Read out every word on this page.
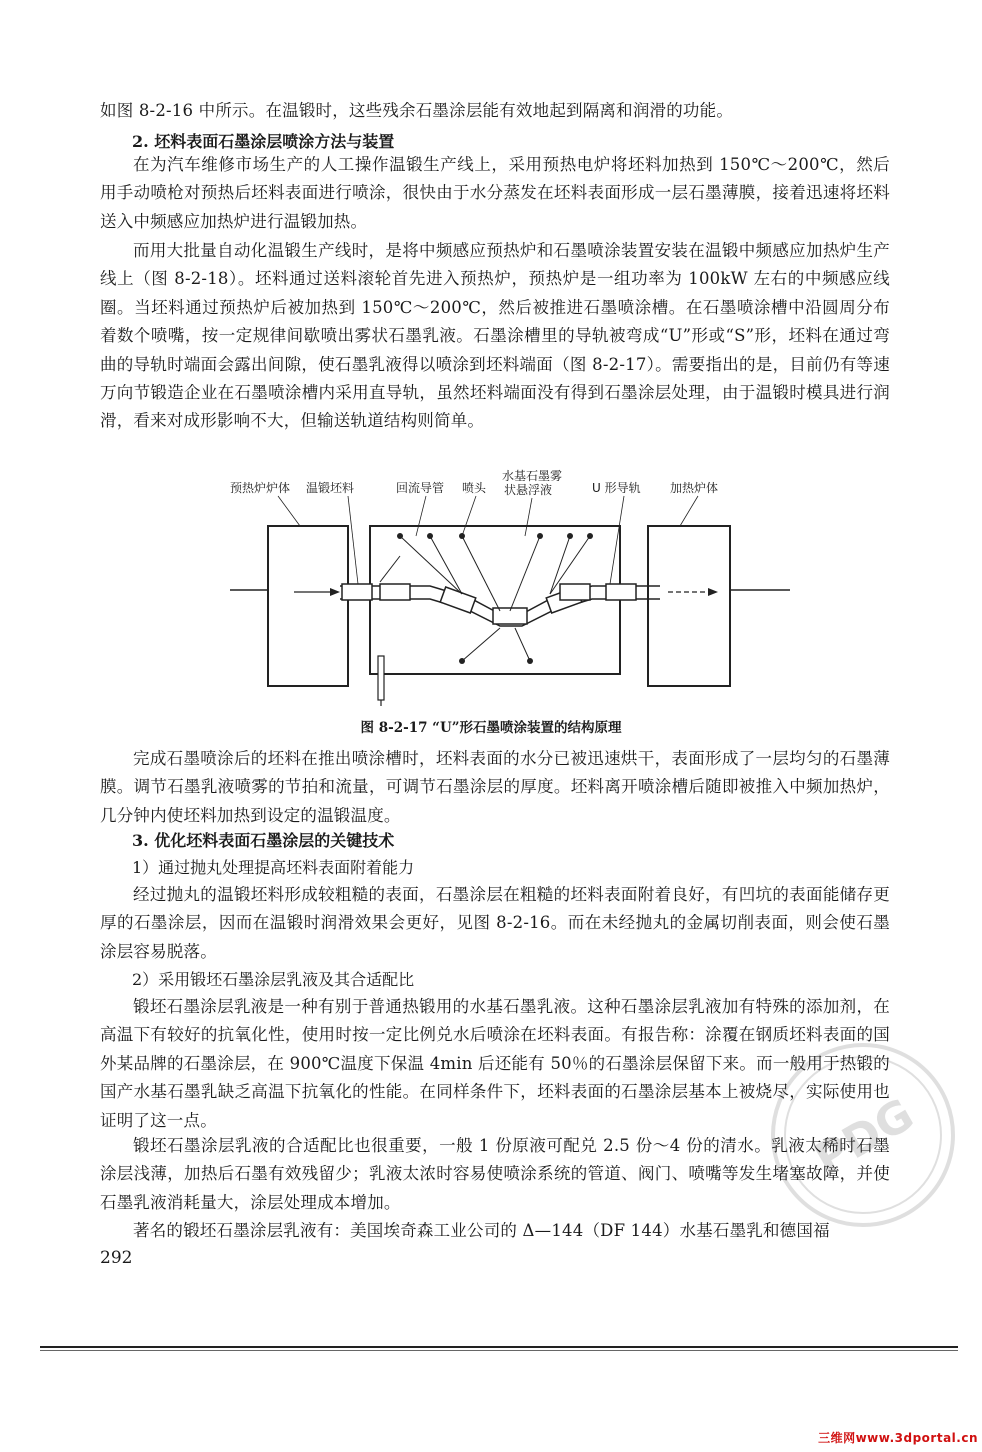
如图 8-2-16 中所示。在温锻时，这些残余石墨涂层能有效地起到隔离和润滑的功能。
2. 坯料表面石墨涂层喷涂方法与装置
在为汽车维修市场生产的人工操作温锻生产线上，采用预热电炉将坯料加热到 150℃～200℃，然后用手动喷枪对预热后坯料表面进行喷涂，很快由于水分蒸发在坯料表面形成一层石墨薄膜，接着迅速将坯料送入中频感应加热炉进行温锻加热。
而用大批量自动化温锻生产线时，是将中频感应预热炉和石墨喷涂装置安装在温锻中频感应加热炉生产线上（图 8-2-18）。坯料通过送料滚轮首先进入预热炉，预热炉是一组功率为 100kW 左右的中频感应线圈。当坯料通过预热炉后被加热到 150℃～200℃，然后被推进石墨喷涂槽。在石墨喷涂槽中沿圆周分布着数个喷嘴，按一定规律间歇喷出雾状石墨乳液。石墨涂槽里的导轨被弯成“U”形或“S”形，坯料在通过弯曲的导轨时端面会露出间隙，使石墨乳液得以喷涂到坯料端面（图 8-2-17）。需要指出的是，目前仍有等速万向节锻造企业在石墨喷涂槽内采用直导轨，虽然坯料端面没有得到石墨涂层处理，由于温锻时模具进行润滑，看来对成形影响不大，但输送轨道结构则简单。
预热炉炉体 温锻坯料	回流导管 喷头
水基石墨雾
状悬浮液	U 形导轨 加热炉体
图 8-2-17 “U”形石墨喷涂装置的结构原理
完成石墨喷涂后的坯料在推出喷涂槽时，坯料表面的水分已被迅速烘干，表面形成了一层均匀的石墨薄膜。调节石墨乳液喷雾的节拍和流量，可调节石墨涂层的厚度。坯料离开喷涂槽后随即被推入中频加热炉，几分钟内使坯料加热到设定的温锻温度。
3. 优化坯料表面石墨涂层的关键技术
1）通过抛丸处理提高坯料表面附着能力
经过抛丸的温锻坯料形成较粗糙的表面，石墨涂层在粗糙的坯料表面附着良好，有凹坑的表面能储存更厚的石墨涂层，因而在温锻时润滑效果会更好，见图 8-2-16。而在未经抛丸的金属切削表面，则会使石墨涂层容易脱落。
2）采用锻坯石墨涂层乳液及其合适配比
锻坯石墨涂层乳液是一种有别于普通热锻用的水基石墨乳液。这种石墨涂层乳液加有特殊的添加剂，在高温下有较好的抗氧化性，使用时按一定比例兑水后喷涂在坯料表面。有报告称：涂覆在钢质坯料表面的国外某品牌的石墨涂层，在 900℃温度下保温 4min 后还能有 50％的石墨涂层保留下来。而一般用于热锻的国产水基石墨乳缺乏高温下抗氧化的性能。在同样条件下，坯料表面的石墨涂层基本上被烧尽，实际使用也证明了这一点。
锻坯石墨涂层乳液的合适配比也很重要，一般 1 份原液可配兑 2.5 份～4 份的清水。乳液太稀时石墨涂层浅薄，加热后石墨有效残留少；乳液太浓时容易使喷涂系统的管道、阀门、喷嘴等发生堵塞故障，并使石墨乳液消耗量大，涂层处理成本增加。
著名的锻坯石墨涂层乳液有：美国埃奇森工业公司的 Δ—144（DF 144）水基石墨乳和德国福
292
PDG
三维网www.3dportal.cn
